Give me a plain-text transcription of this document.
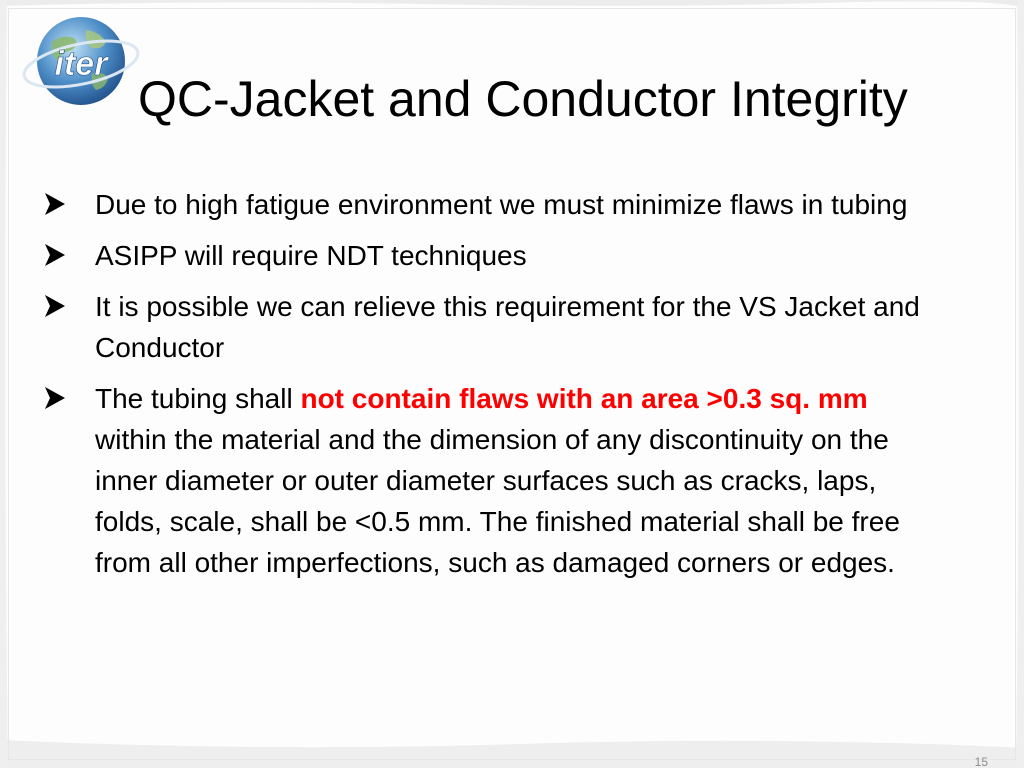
iter
QC-Jacket and Conductor Integrity
Due to high fatigue environment we must minimize flaws in tubing
ASIPP will require NDT techniques
It is possible we can relieve this requirement for the VS Jacket and Conductor
The tubing shall not contain flaws with an area >0.3 sq. mm within the material and the dimension of any discontinuity on the inner diameter or outer diameter surfaces such as cracks, laps, folds, scale, shall be <0.5 mm. The finished material shall be free from all other imperfections, such as damaged corners or edges.
15
